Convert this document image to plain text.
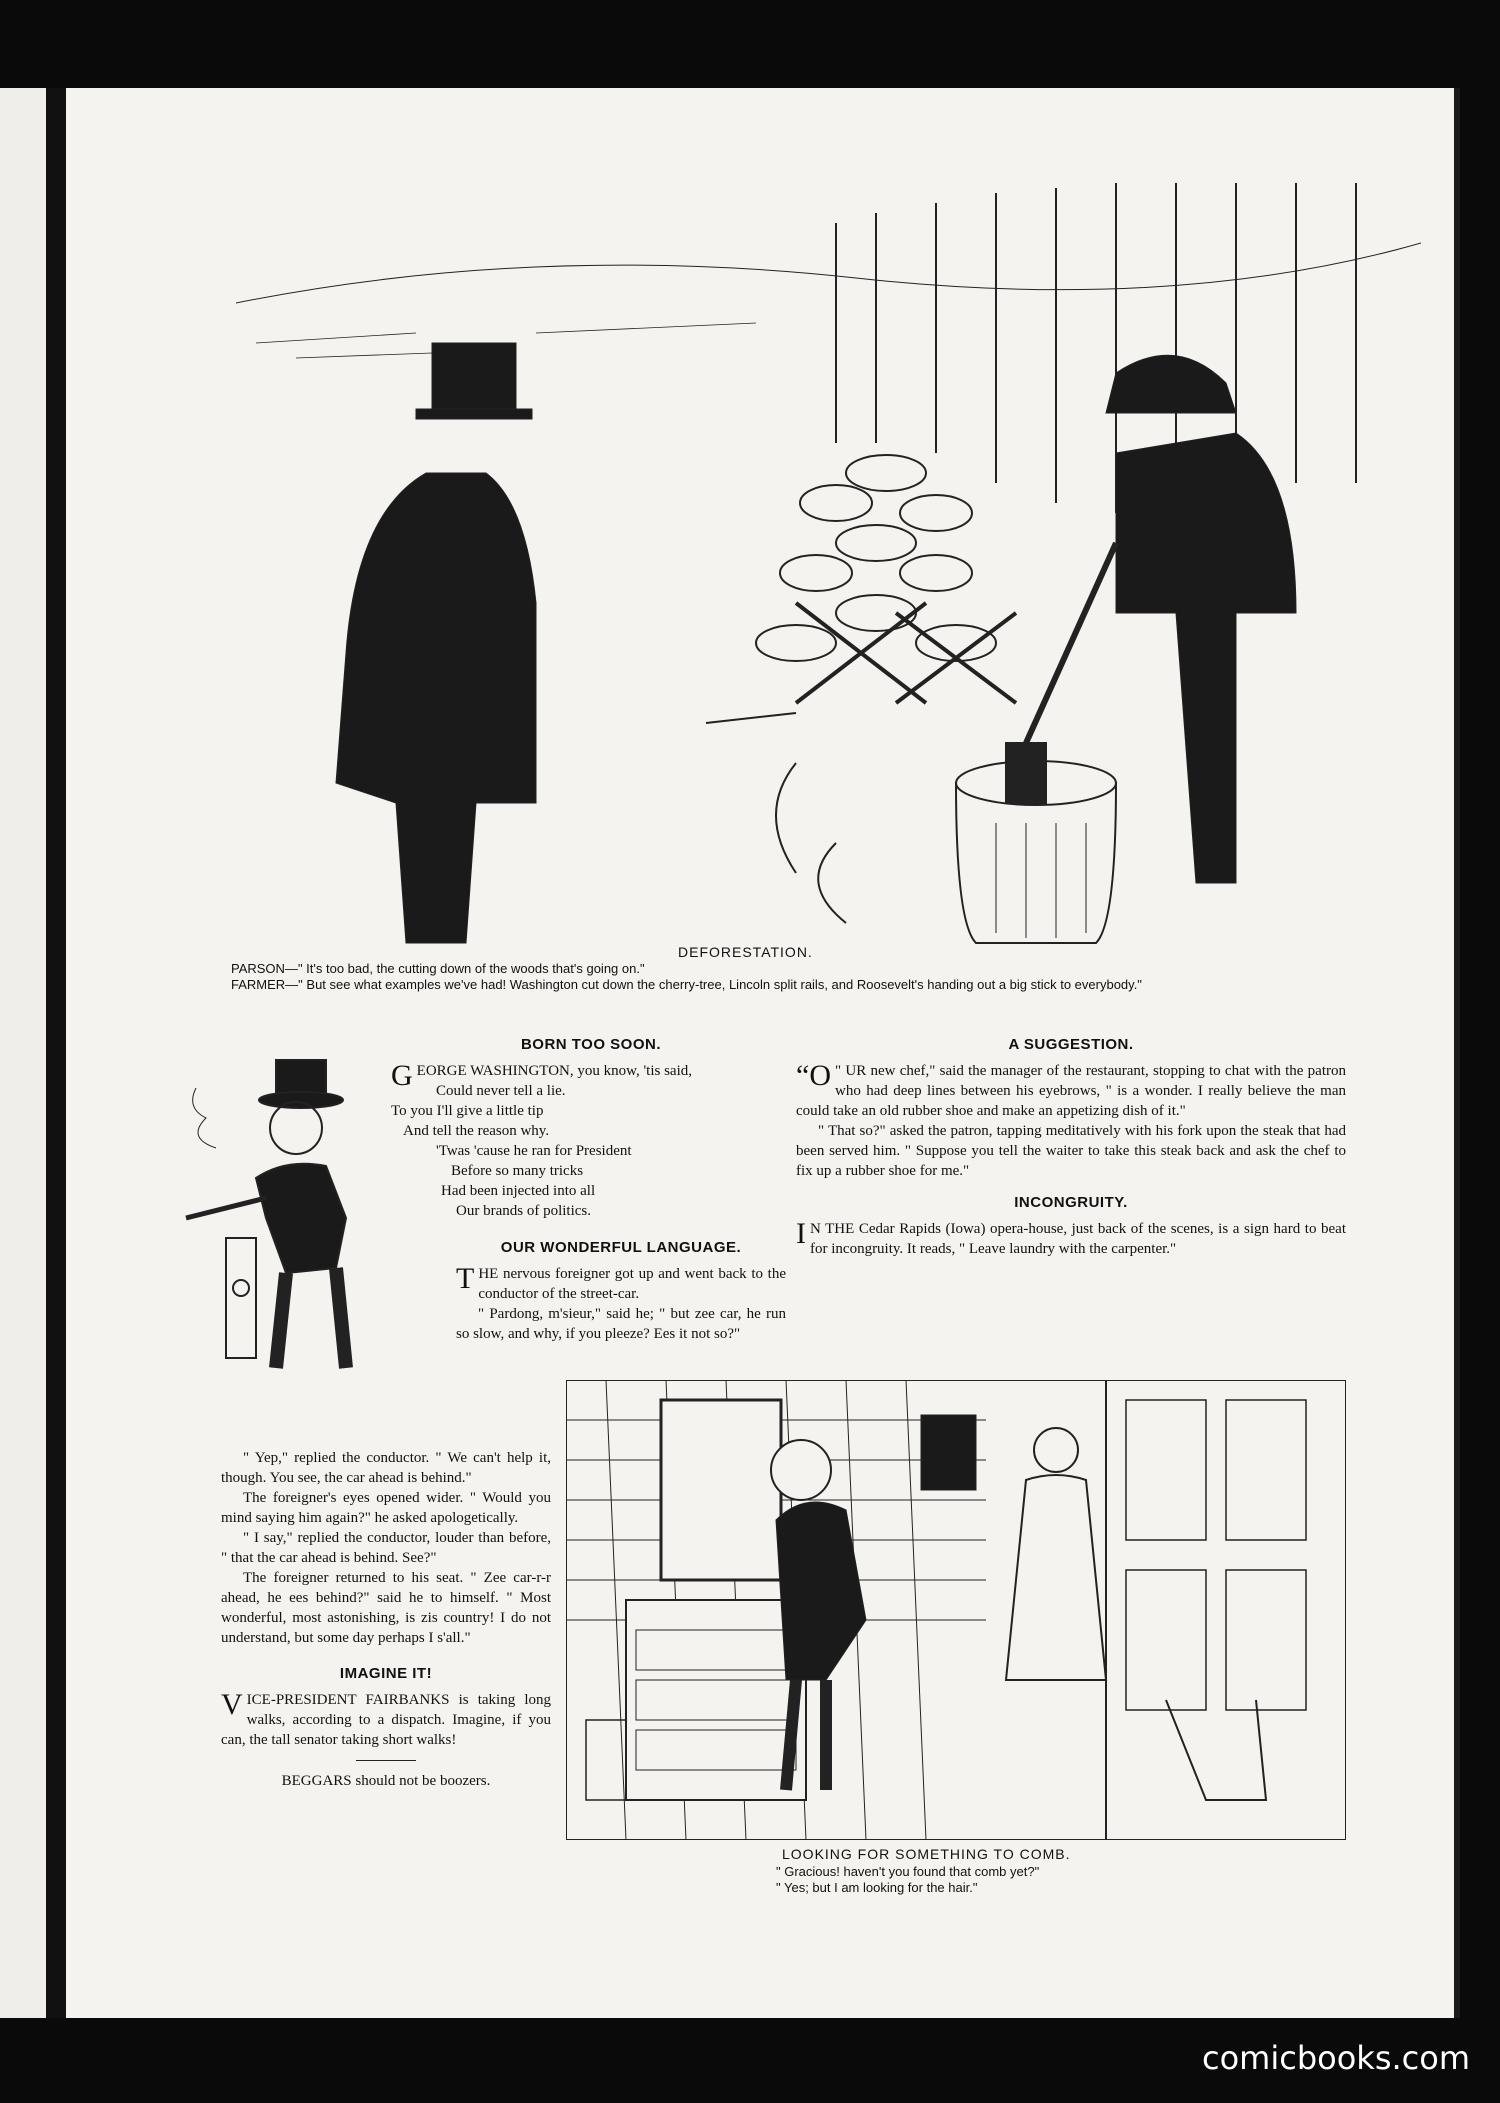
DEFORESTATION.
PARSON—" It's too bad, the cutting down of the woods that's going on."
FARMER—" But see what examples we've had! Washington cut down the cherry-tree, Lincoln split rails, and Roosevelt's handing out a big stick to everybody."
BORN TOO SOON.
GEORGE WASHINGTON, you know, 'tis said,
Could never tell a lie.
To you I'll give a little tip
And tell the reason why.
'Twas 'cause he ran for President
Before so many tricks
Had been injected into all
Our brands of politics.
OUR WONDERFUL LANGUAGE.

THE nervous foreigner got up and went back to the conductor of the street-car.

" Pardong, m'sieur," said he; " but zee car, he run so slow, and why, if you pleeze? Ees it not so?"

" Yep," replied the conductor. " We can't help it, though. You see, the car ahead is behind."

The foreigner's eyes opened wider. " Would you mind saying him again?" he asked apologetically.

" I say," replied the conductor, louder than before, " that the car ahead is behind. See?"

The foreigner returned to his seat. " Zee car-r-r ahead, he ees behind?" said he to himself. " Most wonderful, most astonishing, is zis country! I do not understand, but some day perhaps I s'all."

IMAGINE IT!

VICE-PRESIDENT FAIRBANKS is taking long walks, according to a dispatch. Imagine, if you can, the tall senator taking short walks!

BEGGARS should not be boozers.

A SUGGESTION.

“O " UR new chef," said the manager of the restaurant, stopping to chat with the patron who had deep lines between his eyebrows, " is a wonder. I really believe the man could take an old rubber shoe and make an appetizing dish of it."

" That so?" asked the patron, tapping meditatively with his fork upon the steak that had been served him. " Suppose you tell the waiter to take this steak back and ask the chef to fix up a rubber shoe for me."

INCONGRUITY.

I N THE Cedar Rapids (Iowa) opera-house, just back of the scenes, is a sign hard to beat for incongruity. It reads, " Leave laundry with the carpenter."

LOOKING FOR SOMETHING TO COMB.
" Gracious! haven't you found that comb yet?"
" Yes; but I am looking for the hair."
comicbooks.com
